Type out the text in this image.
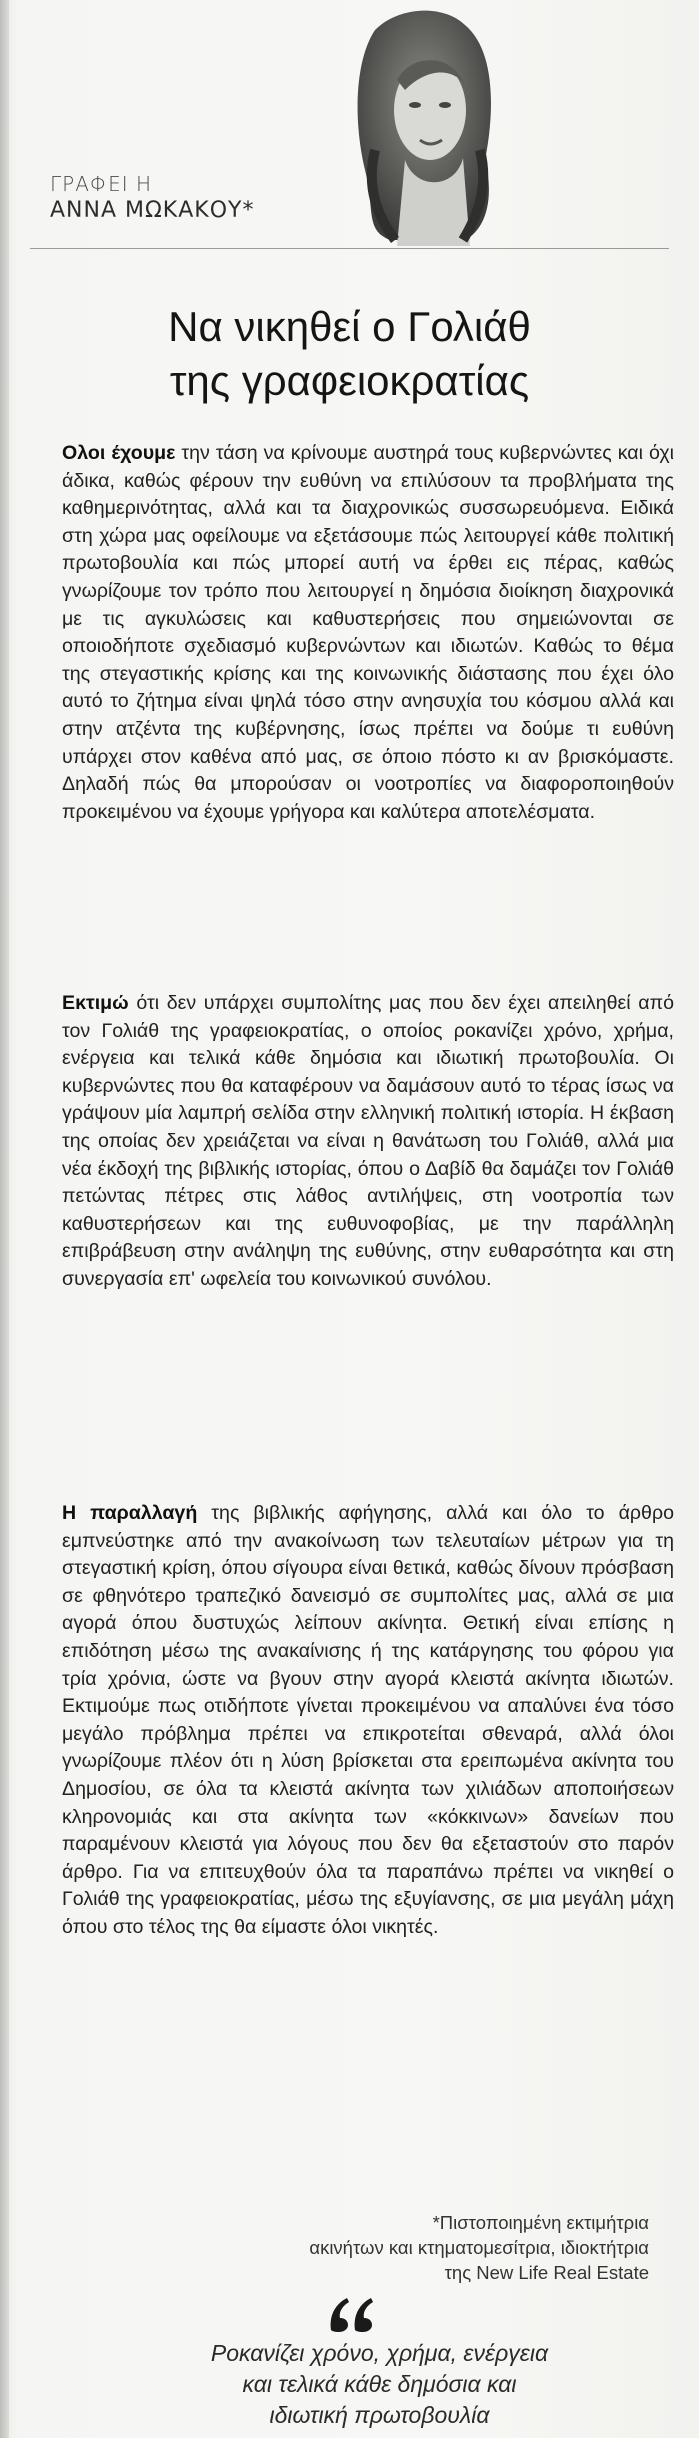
ΓΡΑΦΕΙ Η
ΑΝΝΑ ΜΩΚΑΚΟΥ*
Να νικηθεί ο Γολιάθ
της γραφειοκρατίας

Ολοι έχουμε την τάση να κρίνουμε αυστηρά τους κυβερνώντες και όχι άδικα, καθώς φέρουν την ευθύνη να επιλύσουν τα προβλήματα της καθημερινότητας, αλλά και τα διαχρονικώς συσσωρευόμενα. Ειδικά στη χώρα μας οφείλουμε να εξετάσουμε πώς λειτουργεί κάθε πολιτική πρωτοβουλία και πώς μπορεί αυτή να έρθει εις πέρας, καθώς γνωρίζουμε τον τρόπο που λειτουργεί η δημόσια διοίκηση διαχρονικά με τις αγκυλώσεις και καθυστερήσεις που σημειώνονται σε οποιοδήποτε σχεδιασμό κυβερνώντων και ιδιωτών. Καθώς το θέμα της στεγαστικής κρίσης και της κοινωνικής διάστασης που έχει όλο αυτό το ζήτημα είναι ψηλά τόσο στην ανησυχία του κόσμου αλλά και στην ατζέντα της κυβέρνησης, ίσως πρέπει να δούμε τι ευθύνη υπάρχει στον καθένα από μας, σε όποιο πόστο κι αν βρισκόμαστε. Δηλαδή πώς θα μπορούσαν οι νοοτροπίες να διαφοροποιηθούν προκειμένου να έχουμε γρήγορα και καλύτερα αποτελέσματα.

Εκτιμώ ότι δεν υπάρχει συμπολίτης μας που δεν έχει απειληθεί από τον Γολιάθ της γραφειοκρατίας, ο οποίος ροκανίζει χρόνο, χρήμα, ενέργεια και τελικά κάθε δημόσια και ιδιωτική πρωτοβουλία. Οι κυβερνώντες που θα καταφέρουν να δαμάσουν αυτό το τέρας ίσως να γράψουν μία λαμπρή σελίδα στην ελληνική πολιτική ιστορία. Η έκβαση της οποίας δεν χρειάζεται να είναι η θανάτωση του Γολιάθ, αλλά μια νέα έκδοχή της βιβλικής ιστορίας, όπου ο Δαβίδ θα δαμάζει τον Γολιάθ πετώντας πέτρες στις λάθος αντιλήψεις, στη νοοτροπία των καθυστερήσεων και της ευθυνοφοβίας, με την παράλληλη επιβράβευση στην ανάληψη της ευθύνης, στην ευθαρσότητα και στη συνεργασία επ' ωφελεία του κοινωνικού συνόλου.

Η παραλλαγή της βιβλικής αφήγησης, αλλά και όλο το άρθρο εμπνεύστηκε από την ανακοίνωση των τελευταίων μέτρων για τη στεγαστική κρίση, όπου σίγουρα είναι θετικά, καθώς δίνουν πρόσβαση σε φθηνότερο τραπεζικό δανεισμό σε συμπολίτες μας, αλλά σε μια αγορά όπου δυστυχώς λείπουν ακίνητα. Θετική είναι επίσης η επιδότηση μέσω της ανακαίνισης ή της κατάργησης του φόρου για τρία χρόνια, ώστε να βγουν στην αγορά κλειστά ακίνητα ιδιωτών. Εκτιμούμε πως οτιδήποτε γίνεται προκειμένου να απαλύνει ένα τόσο μεγάλο πρόβλημα πρέπει να επικροτείται σθεναρά, αλλά όλοι γνωρίζουμε πλέον ότι η λύση βρίσκεται στα ερειπωμένα ακίνητα του Δημοσίου, σε όλα τα κλειστά ακίνητα των χιλιάδων αποποιήσεων κληρονομιάς και στα ακίνητα των «κόκκινων» δανείων που παραμένουν κλειστά για λόγους που δεν θα εξεταστούν στο παρόν άρθρο. Για να επιτευχθούν όλα τα παραπάνω πρέπει να νικηθεί ο Γολιάθ της γραφειοκρατίας, μέσω της εξυγίανσης, σε μια μεγάλη μάχη όπου στο τέλος της θα είμαστε όλοι νικητές.

*Πιστοποιημένη εκτιμήτρια
ακινήτων και κτηματομεσίτρια, ιδιοκτήτρια
της New Life Real Estate
Ροκανίζει χρόνο, χρήμα, ενέργεια
και τελικά κάθε δημόσια και
ιδιωτική πρωτοβουλία
